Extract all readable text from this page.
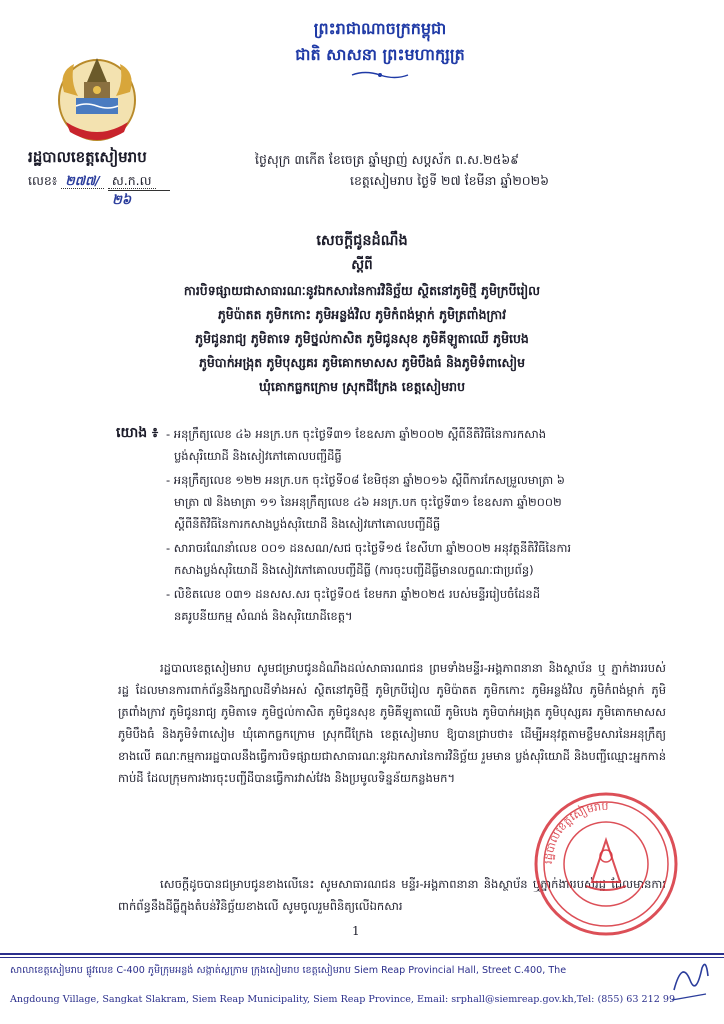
ព្រះរាជាណាចក្រកម្ពុជា
ជាតិ សាសនា ព្រះមហាក្សត្រ
រដ្ឋបាលខេត្តសៀមរាប
លេខ៖ ២៧៧/ ស.ក.ល
២៦
ថ្ងៃសុក្រ ៣កើត ខែចេត្រ ឆ្នាំម្សាញ់ សប្តស័ក ព.ស.២៥៦៩
ខេត្តសៀមរាប ថ្ងៃទី ២៧ ខែមីនា ឆ្នាំ២០២៦
សេចក្ដីជូនដំណឹង
ស្ដីពី
ការបិទផ្សាយជាសាធារណៈនូវឯកសារនៃការវិនិច្ឆ័យ ស្ថិតនៅភូមិថ្មី ភូមិក្របីរៀល
ភូមិប៉ាតត ភូមិកកោះ ភូមិអន្លង់វិល ភូមិកំពង់ម្កាក់ ភូមិត្រពាំងក្រាវ
ភូមិជូនរាជ្យ ភូមិតាទេ ភូមិថ្នល់កាសិត ភូមិជូនសុខ ភូមិគីឡូតាឈើ ភូមិបេង
ភូមិបាក់អង្រុត ភូមិបុស្សគរ ភូមិគោកមាសស ភូមិបឹងធំ និងភូមិទំពាសៀម
ឃុំគោកធ្លកក្រោម ស្រុកជីក្រែង ខេត្តសៀមរាប
យោង ៖ - អនុក្រឹត្យលេខ ៤៦ អនក្រ.បក ចុះថ្ងៃទី៣១ ខែឧសភា ឆ្នាំ២០០២ ស្ដីពីនីតិវិធីនៃការកសាង
ប្លង់សុរិយោដី និងសៀវភៅគោលបញ្ជីដីធ្លី
- អនុក្រឹត្យលេខ ១២២ អនក្រ.បក ចុះថ្ងៃទី០៨ ខែមិថុនា ឆ្នាំ២០១៦ ស្ដីពីការកែសម្រួលមាត្រា ៦
មាត្រា ៧ និងមាត្រា ១១ នៃអនុក្រឹត្យលេខ ៤៦ អនក្រ.បក ចុះថ្ងៃទី៣១ ខែឧសភា ឆ្នាំ២០០២
ស្ដីពីនីតិវិធីនៃការកសាងប្លង់សុរិយោដី និងសៀវភៅគោលបញ្ជីដីធ្លី
- សារាចរណែនាំលេខ ០០១ ដនសណ/សជ ចុះថ្ងៃទី១៥ ខែសីហា ឆ្នាំ២០០២ អនុវត្តនីតិវិធីនៃការ
កសាងប្លង់សុរិយោដី និងសៀវភៅគោលបញ្ជីដីធ្លី (ការចុះបញ្ជីដីធ្លីមានលក្ខណៈជាប្រព័ន្ធ)
- លិខិតលេខ ០៣១ ដនសស.សរ ចុះថ្ងៃទី០៥ ខែមករា ឆ្នាំ២០២៥ របស់មន្ទីររៀបចំដែនដី
នគរូបនីយកម្ម សំណង់ និងសុរិយោដីខេត្ត។
រដ្ឋបាលខេត្តសៀមរាប សូមជម្រាបជូនដំណឹងដល់សាធារណជន ព្រមទាំងមន្ទីរ-អង្គភាពនានា និងស្ថាប័ន ឬ ភ្នាក់ងាររបស់រដ្ឋ ដែលមានការពាក់ព័ន្ធនឹងក្បាលដីទាំងអស់ ស្ថិតនៅភូមិថ្មី ភូមិក្របីរៀល ភូមិប៉ាតត ភូមិកកោះ ភូមិអន្លង់វិល ភូមិកំពង់ម្កាក់ ភូមិត្រពាំងក្រាវ ភូមិជូនរាជ្យ ភូមិតាទេ ភូមិថ្នល់កាសិត ភូមិជូនសុខ ភូមិគីឡូតាឈើ ភូមិបេង ភូមិបាក់អង្រុត ភូមិបុស្សគរ ភូមិគោកមាសស ភូមិបឹងធំ និងភូមិទំពាសៀម ឃុំគោកធ្លកក្រោម ស្រុកជីក្រែង ខេត្តសៀមរាប ឱ្យបានជ្រាបថា៖ ដើម្បីអនុវត្តតាមខ្លឹមសារនៃអនុក្រឹត្យខាងលើ គណៈកម្មការរដ្ឋបាលនឹងធ្វើការបិទផ្សាយជាសាធារណៈនូវឯកសារនៃការវិនិច្ឆ័យ រួមមាន ប្លង់សុរិយោដី និងបញ្ជីឈ្មោះអ្នកកាន់កាប់ដី ដែលក្រុមការងារចុះបញ្ជីដីបានធ្វើការវាស់វែង និងប្រមូលទិន្នន័យកន្លងមក។
សេចក្ដីដូចបានជម្រាបជូនខាងលើនេះ សូមសាធារណជន មន្ទីរ-អង្គភាពនានា និងស្ថាប័ន ឬភ្នាក់ងាររបស់រដ្ឋ ដែលមានការពាក់ព័ន្ធនឹងដីធ្លីក្នុងតំបន់វិនិច្ឆ័យខាងលើ សូមចូលរួមពិនិត្យលើឯកសារ
រដ្ឋបាលខេត្តសៀមរាប
1
សាលាខេត្តសៀមរាប ផ្លូវលេខ C-400 ភូមិក្រុមអន្លង់ សង្កាត់ស្លក្រាម ក្រុងសៀមរាប ខេត្តសៀមរាប Siem Reap Provincial Hall, Street C.400, The
Angdoung Village, Sangkat Slakram, Siem Reap Municipality, Siem Reap Province, Email: srphall@siemreap.gov.kh,Tel: (855) 63 212 99
